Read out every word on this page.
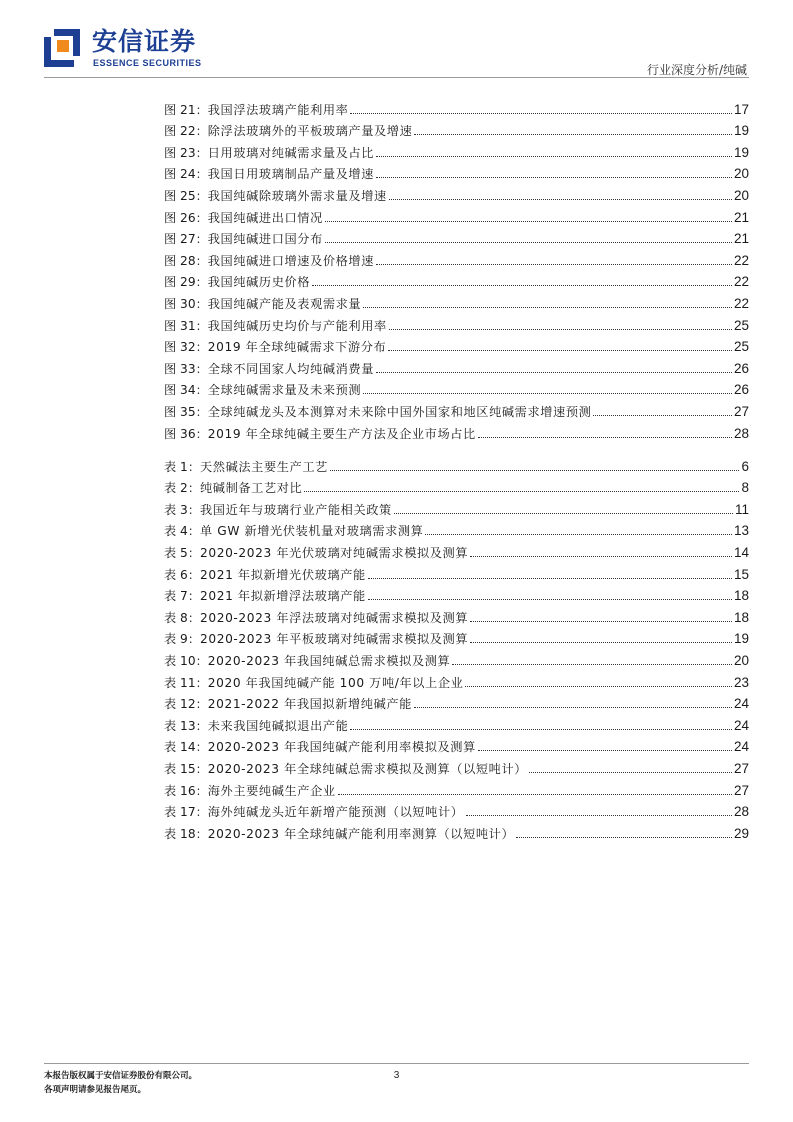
安信证券
ESSENCE SECURITIES	行业深度分析/纯碱
图 21： 我国浮法玻璃产能利用率	17
图 22： 除浮法玻璃外的平板玻璃产量及增速	19
图 23： 日用玻璃对纯碱需求量及占比	19
图 24： 我国日用玻璃制品产量及增速	20
图 25： 我国纯碱除玻璃外需求量及增速	20
图 26： 我国纯碱进出口情况	21
图 27： 我国纯碱进口国分布	21
图 28： 我国纯碱进口增速及价格增速	22
图 29： 我国纯碱历史价格	22
图 30： 我国纯碱产能及表观需求量	22
图 31： 我国纯碱历史均价与产能利用率	25
图 32： 2019 年全球纯碱需求下游分布	25
图 33： 全球不同国家人均纯碱消费量	26
图 34： 全球纯碱需求量及未来预测	26
图 35： 全球纯碱龙头及本测算对未来除中国外国家和地区纯碱需求增速预测	27
图 36： 2019 年全球纯碱主要生产方法及企业市场占比	28
表 1： 天然碱法主要生产工艺	6
表 2： 纯碱制备工艺对比	8
表 3： 我国近年与玻璃行业产能相关政策	11
表 4： 单 GW 新增光伏装机量对玻璃需求测算	13
表 5： 2020-2023 年光伏玻璃对纯碱需求模拟及测算	14
表 6： 2021 年拟新增光伏玻璃产能	15
表 7： 2021 年拟新增浮法玻璃产能	18
表 8： 2020-2023 年浮法玻璃对纯碱需求模拟及测算	18
表 9： 2020-2023 年平板玻璃对纯碱需求模拟及测算	19
表 10： 2020-2023 年我国纯碱总需求模拟及测算	20
表 11： 2020 年我国纯碱产能 100 万吨/年以上企业	23
表 12： 2021-2022 年我国拟新增纯碱产能	24
表 13： 未来我国纯碱拟退出产能	24
表 14： 2020-2023 年我国纯碱产能利用率模拟及测算	24
表 15： 2020-2023 年全球纯碱总需求模拟及测算（以短吨计）	27
表 16： 海外主要纯碱生产企业	27
表 17： 海外纯碱龙头近年新增产能预测（以短吨计）	28
表 18： 2020-2023 年全球纯碱产能利用率测算（以短吨计）	29
本报告版权属于安信证券股份有限公司。
各项声明请参见报告尾页。
3
